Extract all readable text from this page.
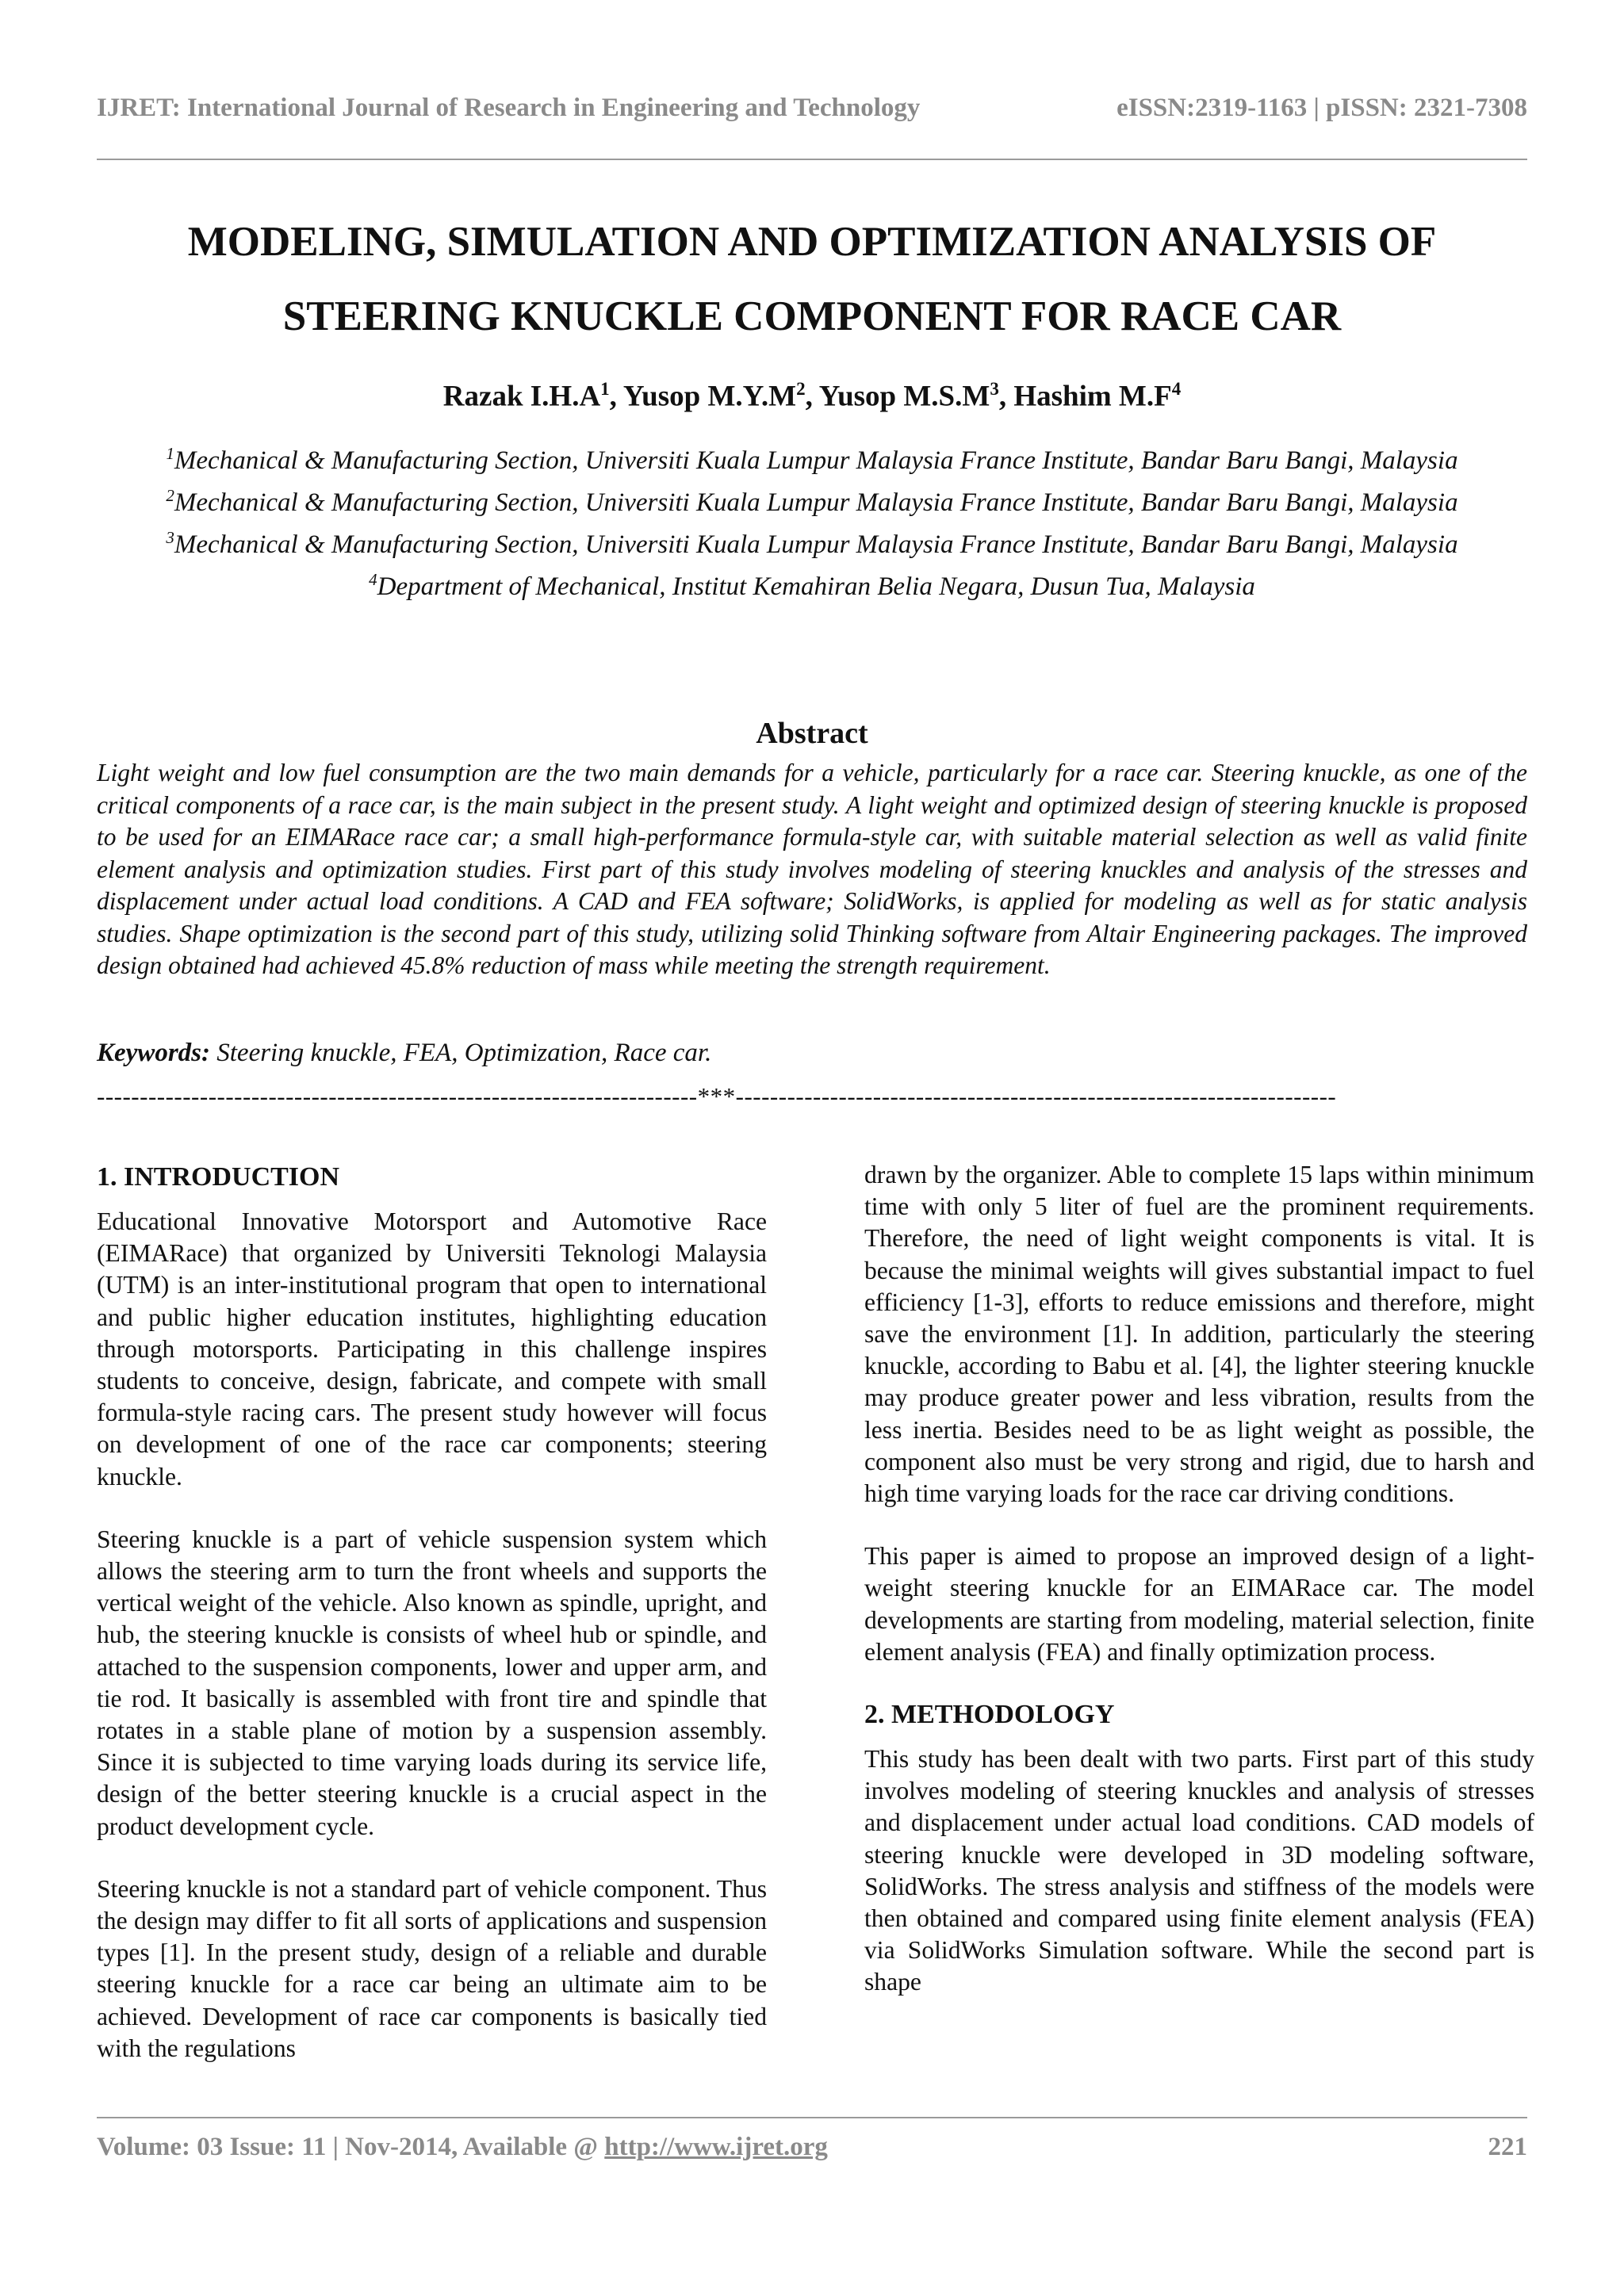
IJRET: International Journal of Research in Engineering and Technology	eISSN:2319-1163 | pISSN: 2321-7308
MODELING, SIMULATION AND OPTIMIZATION ANALYSIS OF
STEERING KNUCKLE COMPONENT FOR RACE CAR
Razak $I.H.A^1$, Yusop $M.Y.M^2$, Yusop $M.S.M^3$, Hashim $M.F^4$

$^1$Mechanical & Manufacturing Section, Universiti Kuala Lumpur Malaysia France Institute, Bandar Baru Bangi, Malaysia

$^2$Mechanical & Manufacturing Section, Universiti Kuala Lumpur Malaysia France Institute, Bandar Baru Bangi, Malaysia

$^3$Mechanical & Manufacturing Section, Universiti Kuala Lumpur Malaysia France Institute, Bandar Baru Bangi, Malaysia

$^4$Department of Mechanical, Institut Kemahiran Belia Negara, Dusun Tua, Malaysia

Abstract

Light weight and low fuel consumption are the two main demands for a vehicle, particularly for a race car. Steering knuckle, as one of the critical components of a race car, is the main subject in the present study. A light weight and optimized design of steering knuckle is proposed to be used for an EIMARace race car; a small high-performance formula-style car, with suitable material selection as well as valid finite element analysis and optimization studies. First part of this study involves modeling of steering knuckles and analysis of the stresses and displacement under actual load conditions. A CAD and FEA software; SolidWorks, is applied for modeling as well as for static analysis studies. Shape optimization is the second part of this study, utilizing solid Thinking software from Altair Engineering packages. The improved design obtained had achieved 45.8% reduction of mass while meeting the strength requirement.

Keywords: Steering knuckle, FEA, Optimization, Race car.
----------------------------------------------------------------------***----------------------------------------------------------------------
1. INTRODUCTION

Educational Innovative Motorsport and Automotive Race (EIMARace) that organized by Universiti Teknologi Malaysia (UTM) is an inter-institutional program that open to international and public higher education institutes, highlighting education through motorsports. Participating in this challenge inspires students to conceive, design, fabricate, and compete with small formula-style racing cars. The present study however will focus on development of one of the race car components; steering knuckle.

Steering knuckle is a part of vehicle suspension system which allows the steering arm to turn the front wheels and supports the vertical weight of the vehicle. Also known as spindle, upright, and hub, the steering knuckle is consists of wheel hub or spindle, and attached to the suspension components, lower and upper arm, and tie rod. It basically is assembled with front tire and spindle that rotates in a stable plane of motion by a suspension assembly. Since it is subjected to time varying loads during its service life, design of the better steering knuckle is a crucial aspect in the product development cycle.

Steering knuckle is not a standard part of vehicle component. Thus the design may differ to fit all sorts of applications and suspension types [1]. In the present study, design of a reliable and durable steering knuckle for a race car being an ultimate aim to be achieved. Development of race car components is basically tied with the regulations

drawn by the organizer. Able to complete 15 laps within minimum time with only 5 liter of fuel are the prominent requirements. Therefore, the need of light weight components is vital. It is because the minimal weights will gives substantial impact to fuel efficiency [1-3], efforts to reduce emissions and therefore, might save the environment [1]. In addition, particularly the steering knuckle, according to Babu et al. [4], the lighter steering knuckle may produce greater power and less vibration, results from the less inertia. Besides need to be as light weight as possible, the component also must be very strong and rigid, due to harsh and high time varying loads for the race car driving conditions.

This paper is aimed to propose an improved design of a light-weight steering knuckle for an EIMARace car. The model developments are starting from modeling, material selection, finite element analysis (FEA) and finally optimization process.

2. METHODOLOGY

This study has been dealt with two parts. First part of this study involves modeling of steering knuckles and analysis of stresses and displacement under actual load conditions. CAD models of steering knuckle were developed in 3D modeling software, SolidWorks. The stress analysis and stiffness of the models were then obtained and compared using finite element analysis (FEA) via SolidWorks Simulation software. While the second part is shape

Volume: 03 Issue: 11 | Nov-2014, Available @ http://www.ijret.org	221
